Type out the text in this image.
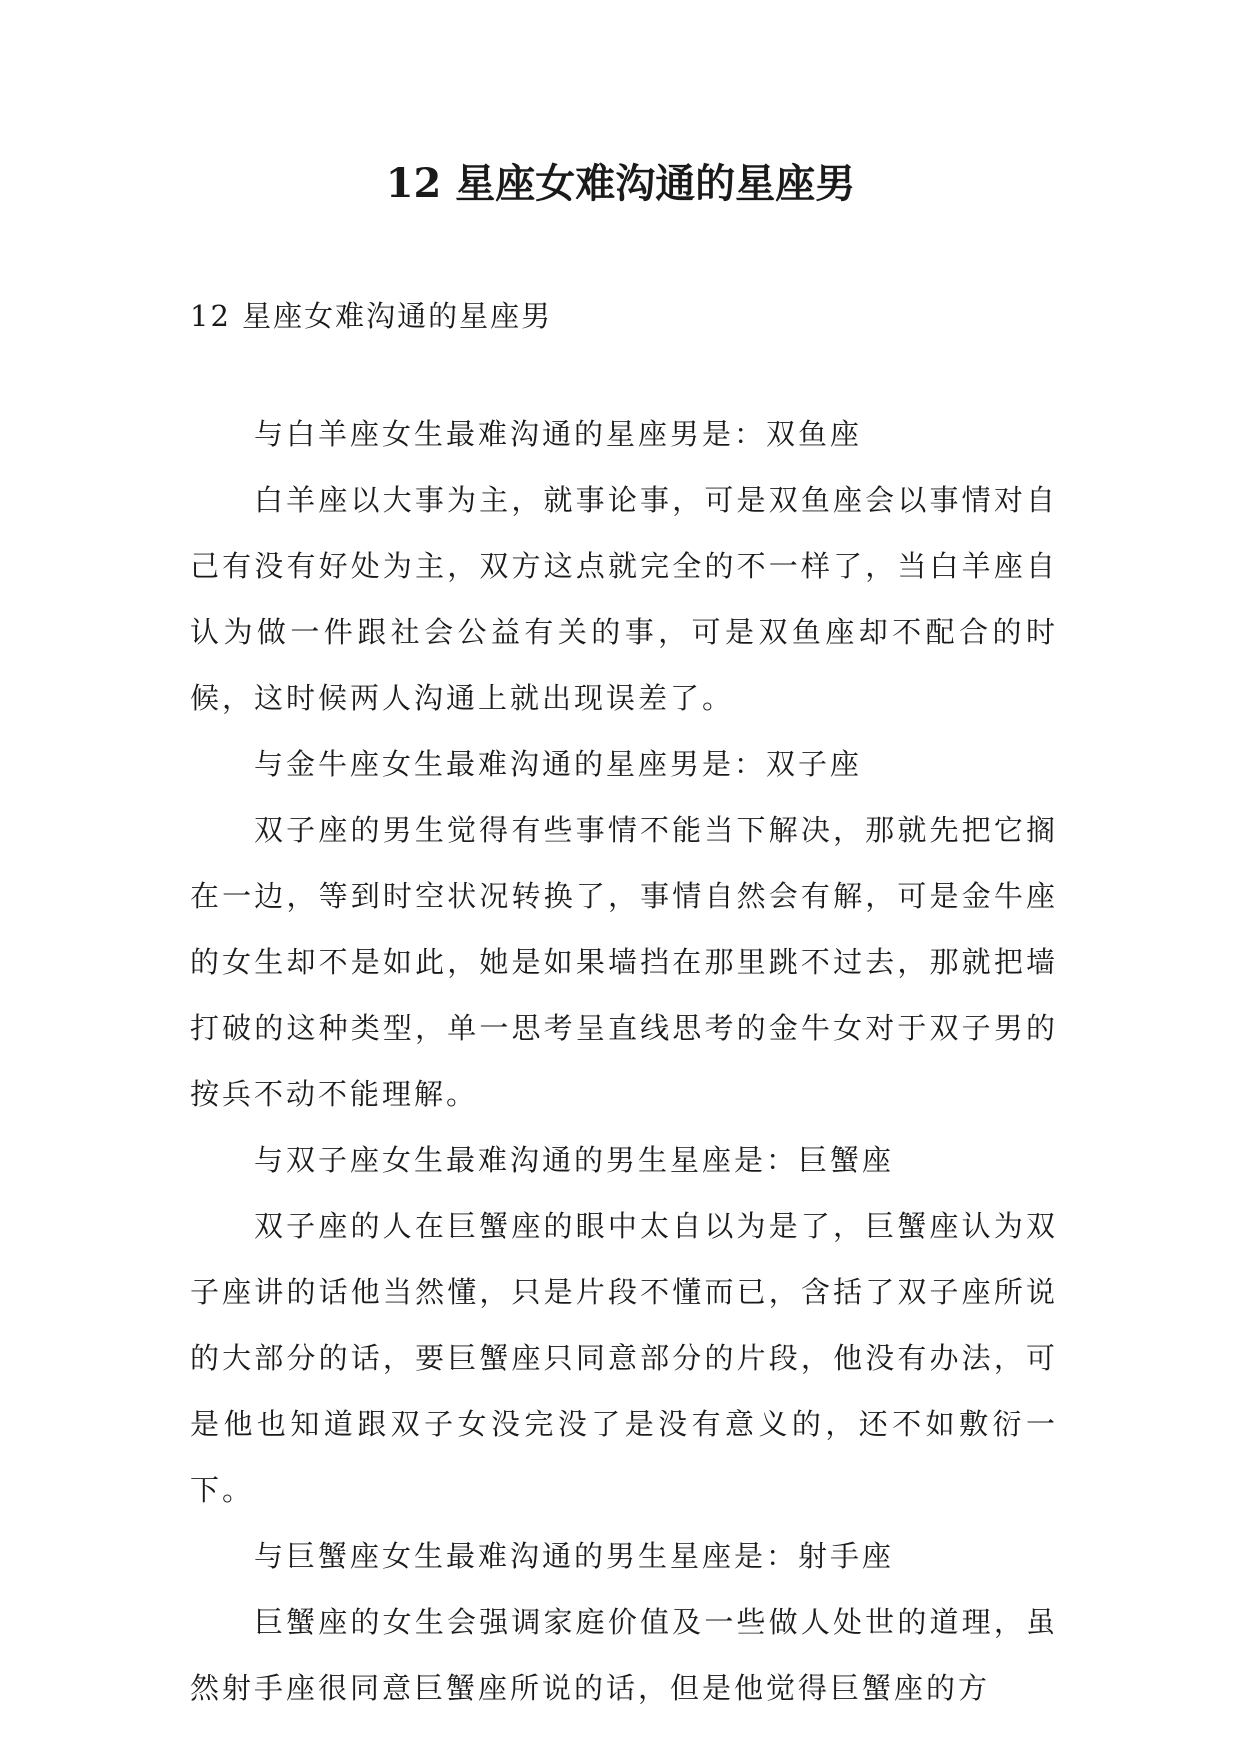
12 星座女难沟通的星座男

12 星座女难沟通的星座男

与白羊座女生最难沟通的星座男是：双鱼座

白羊座以大事为主，就事论事，可是双鱼座会以事情对自己有没有好处为主，双方这点就完全的不一样了，当白羊座自认为做一件跟社会公益有关的事，可是双鱼座却不配合的时候，这时候两人沟通上就出现误差了。

与金牛座女生最难沟通的星座男是：双子座

双子座的男生觉得有些事情不能当下解决，那就先把它搁在一边，等到时空状况转换了，事情自然会有解，可是金牛座的女生却不是如此，她是如果墙挡在那里跳不过去，那就把墙打破的这种类型，单一思考呈直线思考的金牛女对于双子男的按兵不动不能理解。

与双子座女生最难沟通的男生星座是：巨蟹座

双子座的人在巨蟹座的眼中太自以为是了，巨蟹座认为双子座讲的话他当然懂，只是片段不懂而已，含括了双子座所说的大部分的话，要巨蟹座只同意部分的片段，他没有办法，可是他也知道跟双子女没完没了是没有意义的，还不如敷衍一下。

与巨蟹座女生最难沟通的男生星座是：射手座

巨蟹座的女生会强调家庭价值及一些做人处世的道理，虽然射手座很同意巨蟹座所说的话，但是他觉得巨蟹座的方
